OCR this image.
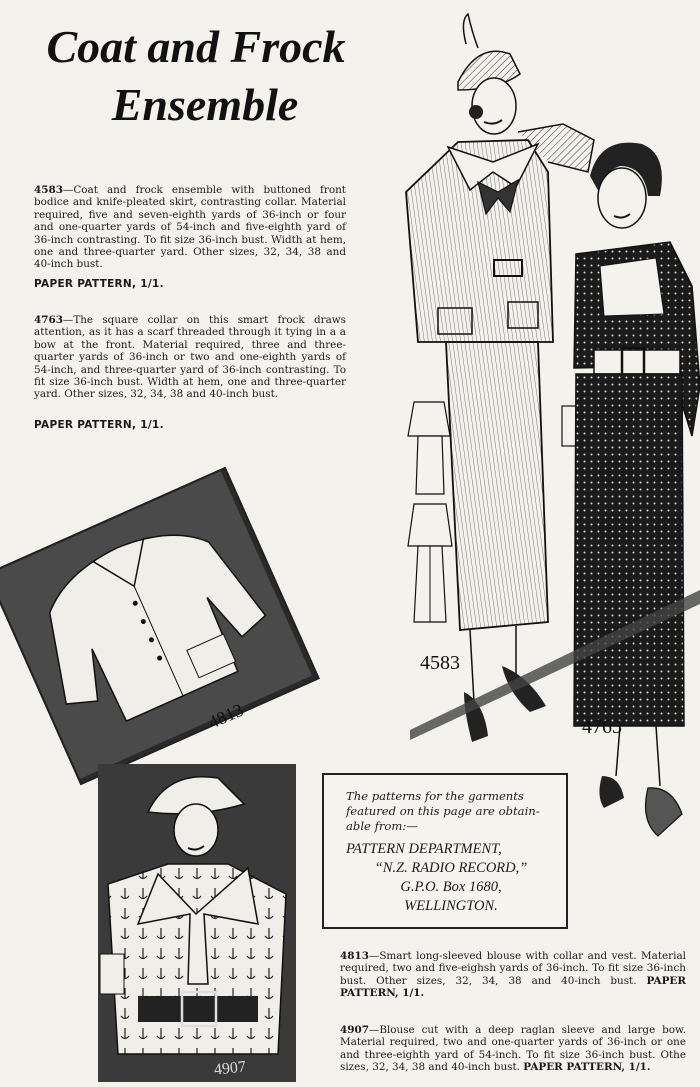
Coat and Frock
Ensemble

4583—Coat and frock ensemble with buttoned front bodice and knife-pleated skirt, contrasting collar. Material required, five and seven-eighth yards of 36-inch or four and one-quarter yards of 54-inch and five-eighth yard of 36-inch contrasting. To fit size 36-inch bust. Width at hem, one and three-quarter yard. Other sizes, 32, 34, 38 and 40-inch bust.

PAPER PATTERN, 1/1.

4763—The square collar on this smart frock draws attention, as it has a scarf threaded through it tying in a a bow at the front. Material required, three and three-quarter yards of 36-inch or two and one-eighth yards of 54-inch, and three-quarter yard of 36-inch contrasting. To fit size 36-inch bust. Width at hem, one and three-quarter yard. Other sizes, 32, 34, 38 and 40-inch bust.

PAPER PATTERN, 1/1.

4583
4763
4813
4907

The patterns for the garments featured on this page are obtain-able from:—

PATTERN DEPARTMENT,

“N.Z. RADIO RECORD,”

G.P.O. Box 1680,

WELLINGTON.

4813—Smart long-sleeved blouse with collar and vest. Material required, two and five-eighsh yards of 36-inch. To fit size 36-inch bust. Other sizes, 32, 34, 38 and 40-inch bust. PAPER PATTERN, 1/1.

4907—Blouse cut with a deep raglan sleeve and large bow. Material required, two and one-quarter yards of 36-inch or one and three-eighth yard of 54-inch. To fit size 36-inch bust. Othe sizes, 32, 34, 38 and 40-inch bust. PAPER PATTERN, 1/1.
